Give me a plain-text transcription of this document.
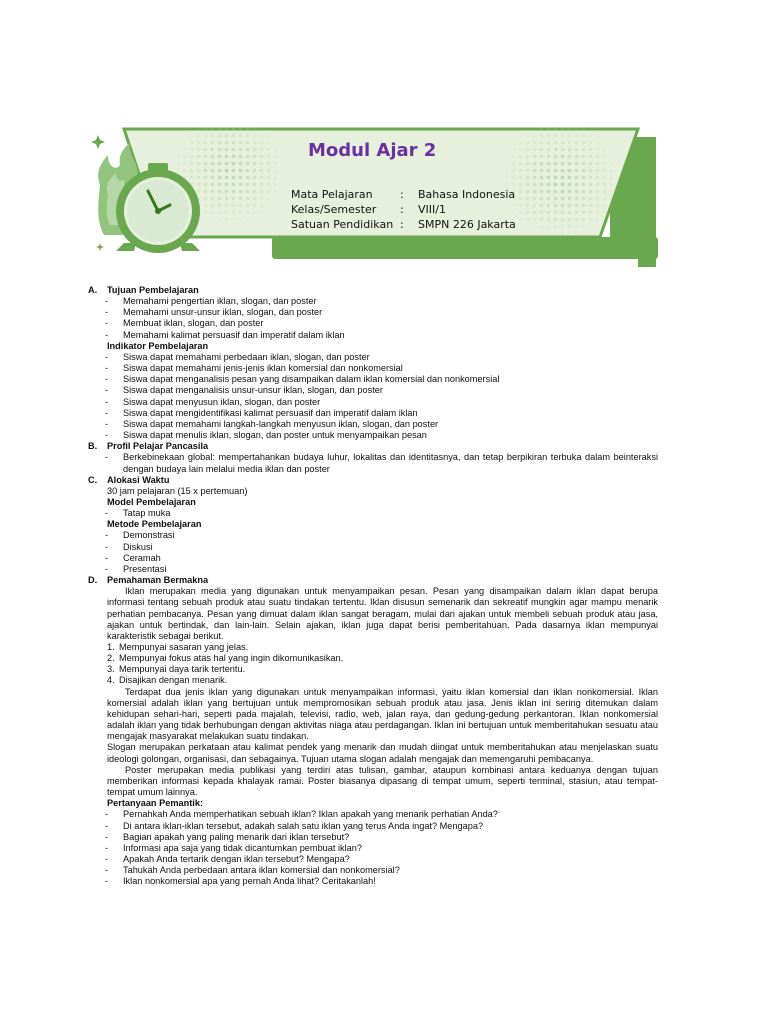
Modul Ajar 2
Mata Pelajaran : Bahasa Indonesia
Kelas/Semester : VIII/1
Satuan Pendidikan : SMPN 226 Jakarta
A.	Tujuan Pembelajaran
-	Memahami pengertian iklan, slogan, dan poster
-	Memahami unsur-unsur iklan, slogan, dan poster
-	Membuat iklan, slogan, dan poster
-	Memahami kalimat persuasif dan imperatif dalam iklan
Indikator Pembelajaran
-	Siswa dapat memahami perbedaan iklan, slogan, dan poster
-	Siswa dapat memahami jenis-jenis iklan komersial dan nonkomersial
-	Siswa dapat menganalisis pesan yang disampaikan dalam iklan komersial dan nonkomersial
-	Siswa dapat menganalisis unsur-unsur iklan, slogan, dan poster
-	Siswa dapat menyusun iklan, slogan, dan poster
-	Siswa dapat mengidentifikasi kalimat persuasif dan imperatif dalam iklan
-	Siswa dapat memahami langkah-langkah menyusun iklan, slogan, dan poster
-	Siswa dapat menulis iklan, slogan, dan poster untuk menyampaikan pesan
B.	Profil Pelajar Pancasila
-	Berkebinekaan global: mempertahankan budaya luhur, lokalitas dan identitasnya, dan tetap berpikiran terbuka dalam beinteraksi dengan budaya lain melalui media iklan dan poster
C.	Alokasi Waktu
30 jam pelajaran (15 x pertemuan)
Model Pembelajaran
-	Tatap muka
Metode Pembelajaran
-	Demonstrasi
-	Diskusi
-	Ceramah
-	Presentasi
D.	Pemahaman Bermakna
Iklan merupakan media yang digunakan untuk menyampaikan pesan. Pesan yang disampaikan dalam iklan dapat berupa informasi tentang sebuah produk atau suatu tindakan tertentu. Iklan disusun semenarik dan sekreatif mungkin agar mampu menarik perhatian pembacanya. Pesan yang dimuat dalam iklan sangat beragam, mulai dari ajakan untuk membeli sebuah produk atau jasa, ajakan untuk bertindak, dan lain-lain. Selain ajakan, iklan juga dapat berisi pemberitahuan. Pada dasarnya iklan mempunyai karakteristik sebagai berikut.
1. Mempunyai sasaran yang jelas.
2. Mempunyai fokus atas hal yang ingin dikomunikasikan.
3. Mempunyai daya tarik tertentu.
4. Disajikan dengan menarik.
Terdapat dua jenis iklan yang digunakan untuk menyampaikan informasi, yaitu iklan komersial dan iklan nonkomersial. Iklan komersial adalah iklan yang bertujuan untuk mempromosikan sebuah produk atau jasa. Jenis iklan ini sering ditemukan dalam kehidupan sehari-hari, seperti pada majalah, televisi, radio, web, jalan raya, dan gedung-gedung perkantoran. Iklan nonkomersial adalah iklan yang tidak berhubungan dengan aktivitas niaga atau perdagangan. Iklan ini bertujuan untuk memberitahukan sesuatu atau mengajak masyarakat melakukan suatu tindakan.
Slogan merupakan perkataan atau kalimat pendek yang menarik dan mudah diingat untuk memberitahukan atau menjelaskan suatu ideologi golongan, organisasi, dan sebagainya. Tujuan utama slogan adalah mengajak dan memengaruhi pembacanya.
Poster merupakan media publikasi yang terdiri atas tulisan, gambar, ataupun kombinasi antara keduanya dengan tujuan memberikan informasi kepada khalayak ramai. Poster biasanya dipasang di tempat umum, seperti terminal, stasiun, atau tempat-tempat umum lainnya.
Pertanyaan Pemantik:
-	Pernahkah Anda memperhatikan sebuah iklan? Iklan apakah yang menarik perhatian Anda?
-	Di antara iklan-iklan tersebut, adakah salah satu iklan yang terus Anda ingat? Mengapa?
-	Bagian apakah yang paling menarik dari iklan tersebut?
-	Informasi apa saja yang tidak dicantumkan pembuat iklan?
-	Apakah Anda tertarik dengan iklan tersebut? Mengapa?
-	Tahukah Anda perbedaan antara iklan komersial dan nonkomersial?
-	Iklan nonkomersial apa yang pernah Anda lihat? Ceritakanlah!
